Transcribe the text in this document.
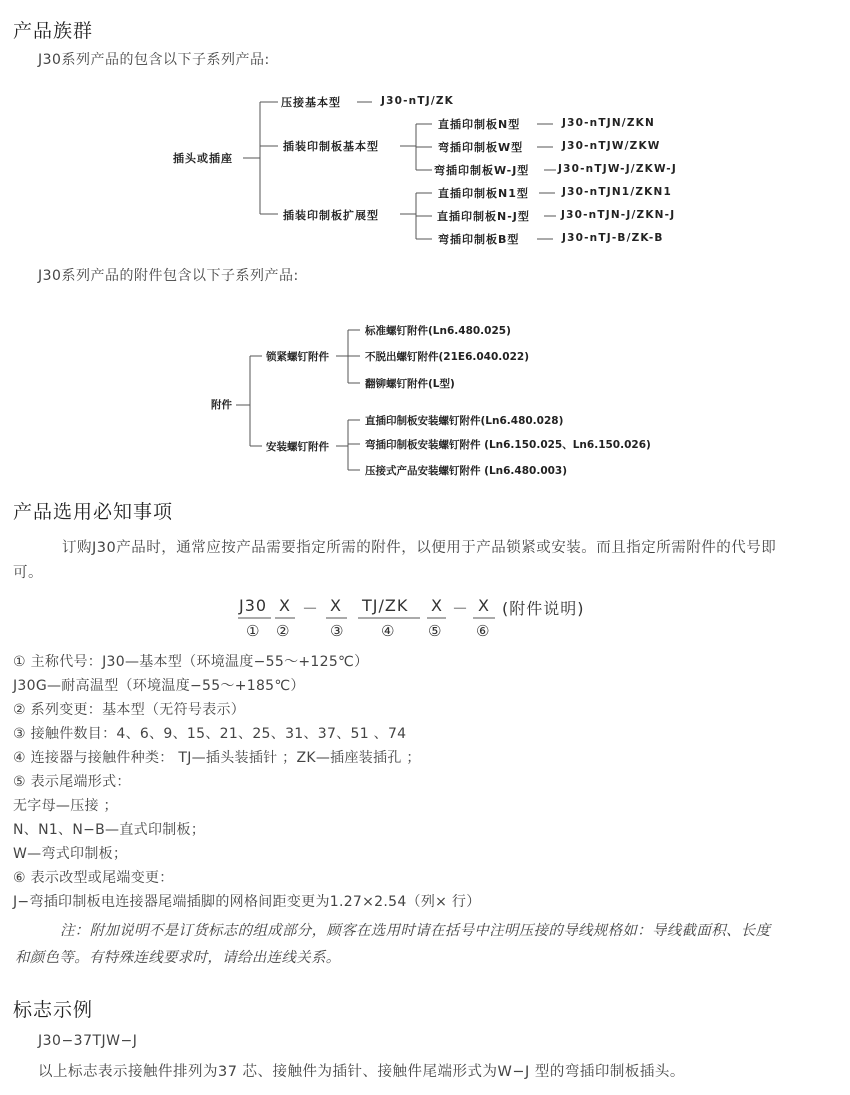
产品族群
J30系列产品的包含以下子系列产品:
插头或插座
压接基本型	J30-nTJ/ZK
插装印制板基本型
插装印制板扩展型
直插印制板N型	J30-nTJN/ZKN
弯插印制板W型	J30-nTJW/ZKW
弯插印制板W-J型	J30-nTJW-J/ZKW-J
直插印制板N1型	J30-nTJN1/ZKN1
直插印制板N-J型	J30-nTJN-J/ZKN-J
弯插印制板B型	J30-nTJ-B/ZK-B
J30系列产品的附件包含以下子系列产品:
附件
锁紧螺钉附件
安装螺钉附件
标准螺钉附件(Ln6.480.025)
不脱出螺钉附件(21E6.040.022)
翻铆螺钉附件(L型)
直插印制板安装螺钉附件(Ln6.480.028)
弯插印制板安装螺钉附件 (Ln6.150.025、Ln6.150.026)
压接式产品安装螺钉附件 (Ln6.480.003)
产品选用必知事项
订购J30产品时，通常应按产品需要指定所需的附件，以便用于产品锁紧或安装。而且指定所需附件的代号即
可。
J30 X － X TJ/ZK X － X (附件说明)
① ②	③	④ ⑤ ⑥
① 主称代号：J30—基本型（环境温度−55～+125℃）
J30G—耐高温型（环境温度−55～+185℃）
② 系列变更：基本型（无符号表示）
③ 接触件数目：4、6、9、15、21、25、31、37、51 、74
④ 连接器与接触件种类： TJ—插头装插针 ；ZK—插座装插孔 ；
⑤ 表示尾端形式：
无字母—压接 ；
N、N1、N−B—直式印制板；
W—弯式印制板；
⑥ 表示改型或尾端变更：
J−弯插印制板电连接器尾端插脚的网格间距变更为1.27×2.54（列× 行）
注：附加说明不是订货标志的组成部分，顾客在选用时请在括号中注明压接的导线规格如：导线截面积、长度
和颜色等。有特殊连线要求时，请给出连线关系。
标志示例
J30−37TJW−J
以上标志表示接触件排列为37 芯、接触件为插针、接触件尾端形式为W−J 型的弯插印制板插头。
